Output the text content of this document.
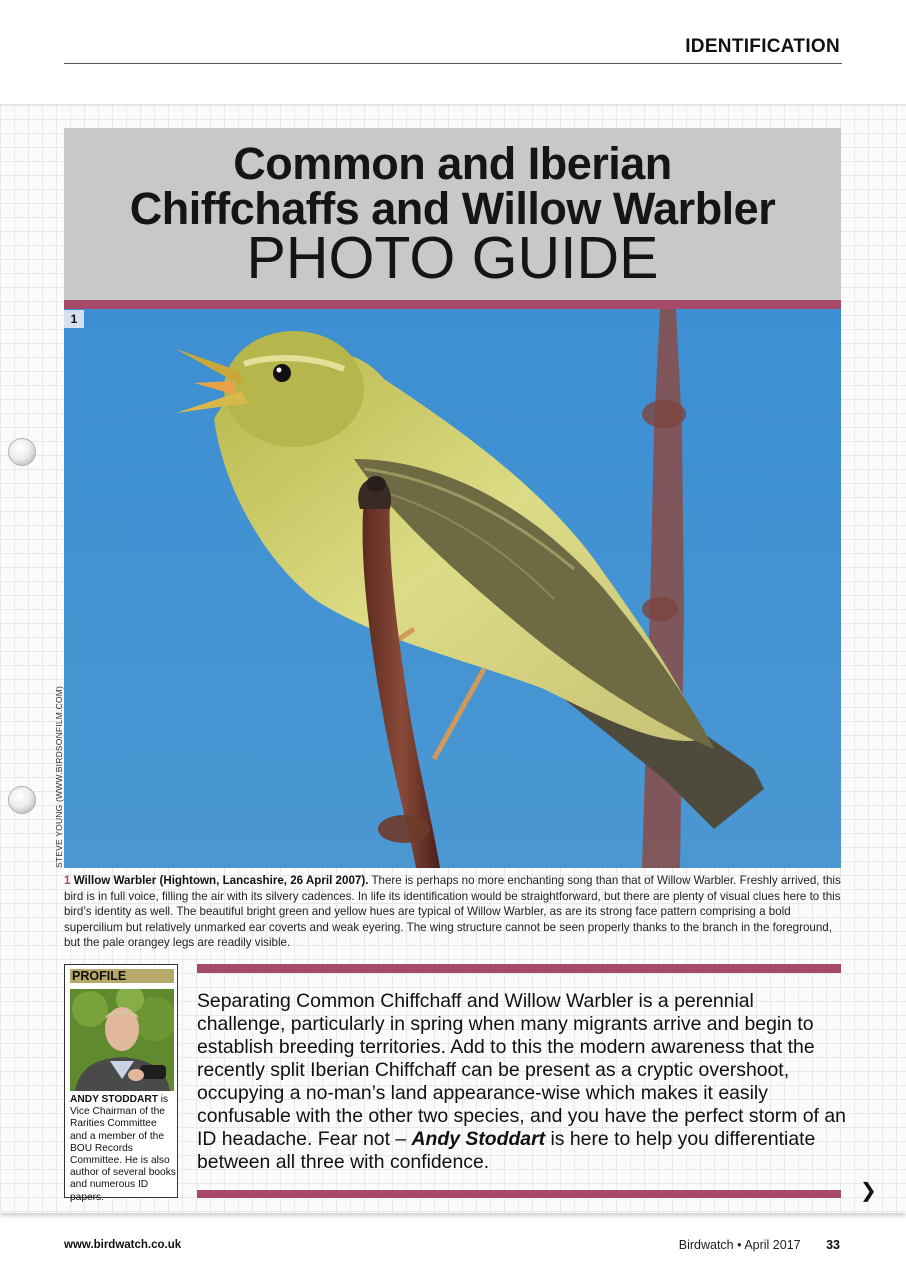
IDENTIFICATION
Common and Iberian
Chiffchaffs and Willow Warbler
PHOTO GUIDE
1
STEVE YOUNG (WWW.BIRDSONFILM.COM)
1 Willow Warbler (Hightown, Lancashire, 26 April 2007). There is perhaps no more enchanting song than that of Willow Warbler. Freshly arrived, this bird is in full voice, filling the air with its silvery cadences. In life its identification would be straightforward, but there are plenty of visual clues here to this bird’s identity as well. The beautiful bright green and yellow hues are typical of Willow Warbler, as are its strong face pattern comprising a bold supercilium but relatively unmarked ear coverts and weak eyering. The wing structure cannot be seen properly thanks to the branch in the foreground, but the pale orangey legs are readily visible.
PROFILE
ANDY STODDART is Vice Chairman of the Rarities Committee and a member of the BOU Records Committee. He is also author of several books and numerous ID papers.
Separating Common Chiffchaff and Willow Warbler is a perennial challenge, particularly in spring when many migrants arrive and begin to establish breeding territories. Add to this the modern awareness that the recently split Iberian Chiffchaff can be present as a cryptic overshoot, occupying a no-man’s land appearance-wise which makes it easily confusable with the other two species, and you have the perfect storm of an ID headache. Fear not – Andy Stoddart is here to help you differentiate between all three with confidence.
❯
www.birdwatch.co.uk	Birdwatch • April 2017 33
